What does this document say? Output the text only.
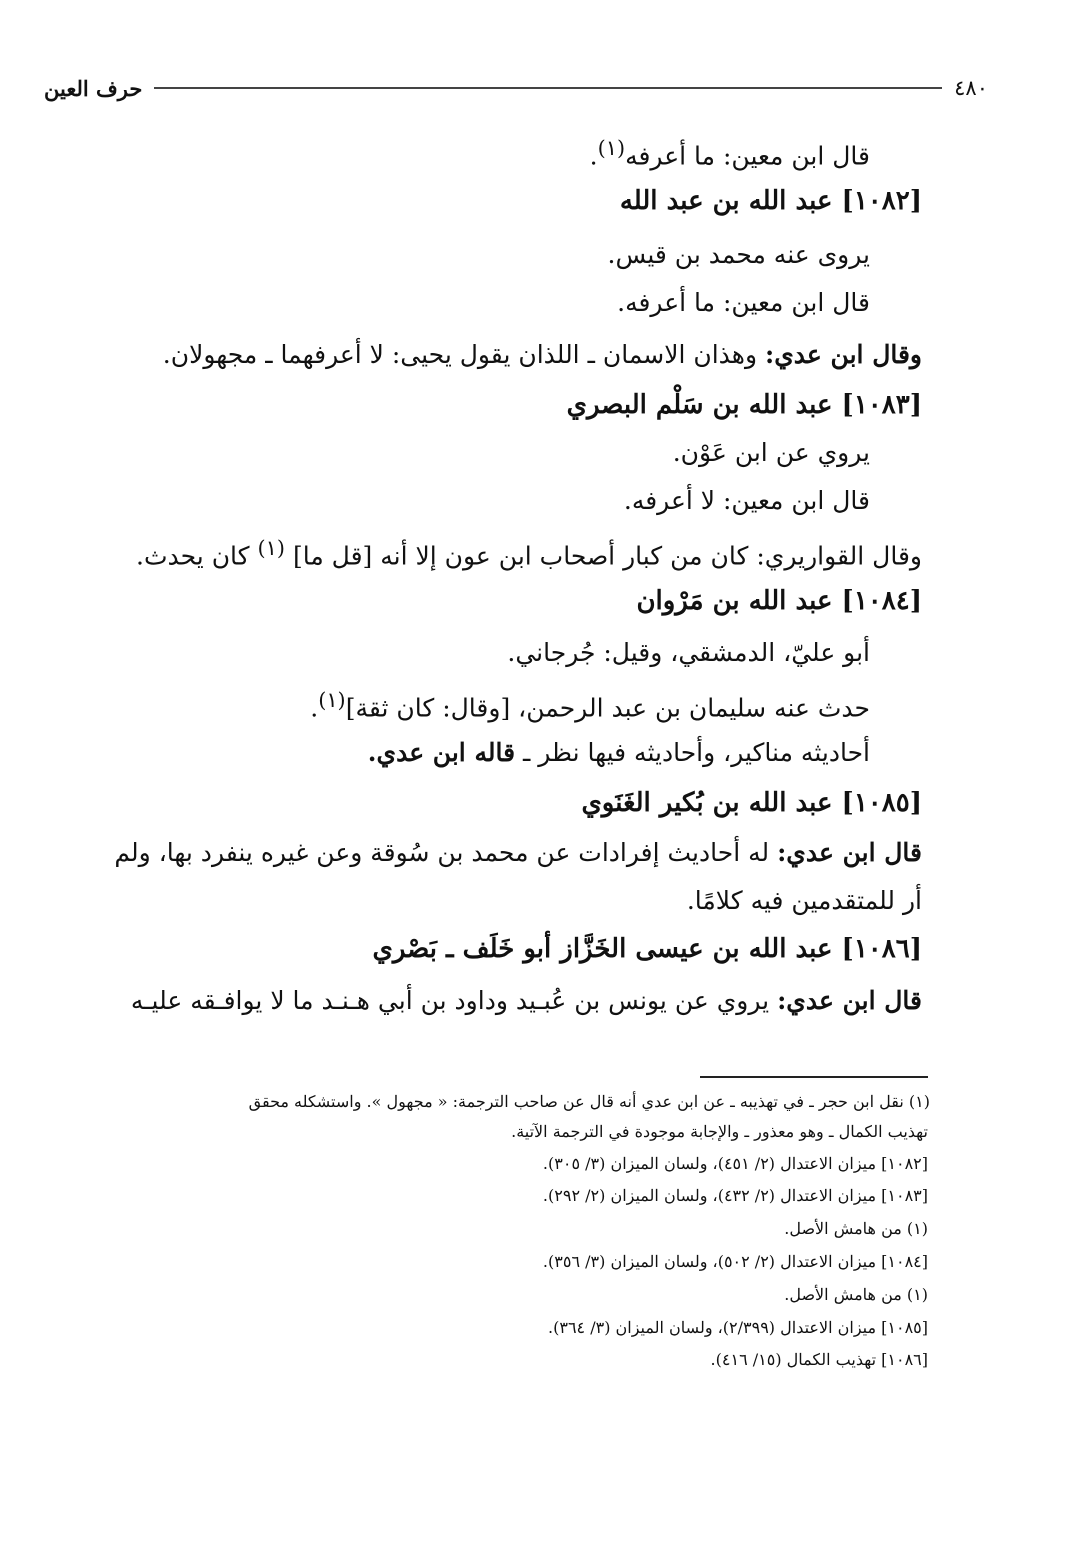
٤٨٠
حرف العين
قال ابن معين: ما أعرفه$^{(١)}$.
[١٠٨٢] عبد الله بن عبد الله
يروى عنه محمد بن قيس.
قال ابن معين: ما أعرفه.
وقال ابن عدي: وهذان الاسمان ـ اللذان يقول يحيى: لا أعرفهما ـ مجهولان.
[١٠٨٣] عبد الله بن سَلْم البصري
يروي عن ابن عَوْن.
قال ابن معين: لا أعرفه.
وقال القواريري: كان من كبار أصحاب ابن عون إلا أنه [قل ما] $^{(١)}$ كان يحدث.
[١٠٨٤] عبد الله بن مَرْوان
أبو عليّ، الدمشقي، وقيل: جُرجاني.
حدث عنه سليمان بن عبد الرحمن، [وقال: كان ثقة]$^{(١)}$.
أحاديثه مناكير، وأحاديثه فيها نظر ـ قاله ابن عدي.
[١٠٨٥] عبد الله بن بُكير الغَنَوي
قال ابن عدي: له أحاديث إفرادات عن محمد بن سُوقة وعن غيره ينفرد بها، ولم
أر للمتقدمين فيه كلامًا.
[١٠٨٦] عبد الله بن عيسى الخَزَّاز أبو خَلَف ـ بَصْري
قال ابن عدي: يروي عن يونس بن عُبـيد وداود بن أبي هـنـد ما لا يوافـقه عليـه
(١) نقل ابن حجر ـ في تهذيبه ـ عن ابن عدي أنه قال عن صاحب الترجمة: « مجهول ». واستشكله محقق
تهذيب الكمال ـ وهو معذور ـ والإجابة موجودة في الترجمة الآتية.
[١٠٨٢] ميزان الاعتدال (٢/ ٤٥١)، ولسان الميزان (٣/ ٣٠٥).
[١٠٨٣] ميزان الاعتدال (٢/ ٤٣٢)، ولسان الميزان (٢/ ٢٩٢).
(١) من هامش الأصل.
[١٠٨٤] ميزان الاعتدال (٢/ ٥٠٢)، ولسان الميزان (٣/ ٣٥٦).
(١) من هامش الأصل.
[١٠٨٥] ميزان الاعتدال (٢/٣٩٩)، ولسان الميزان (٣/ ٣٦٤).
[١٠٨٦] تهذيب الكمال (١٥/ ٤١٦).
